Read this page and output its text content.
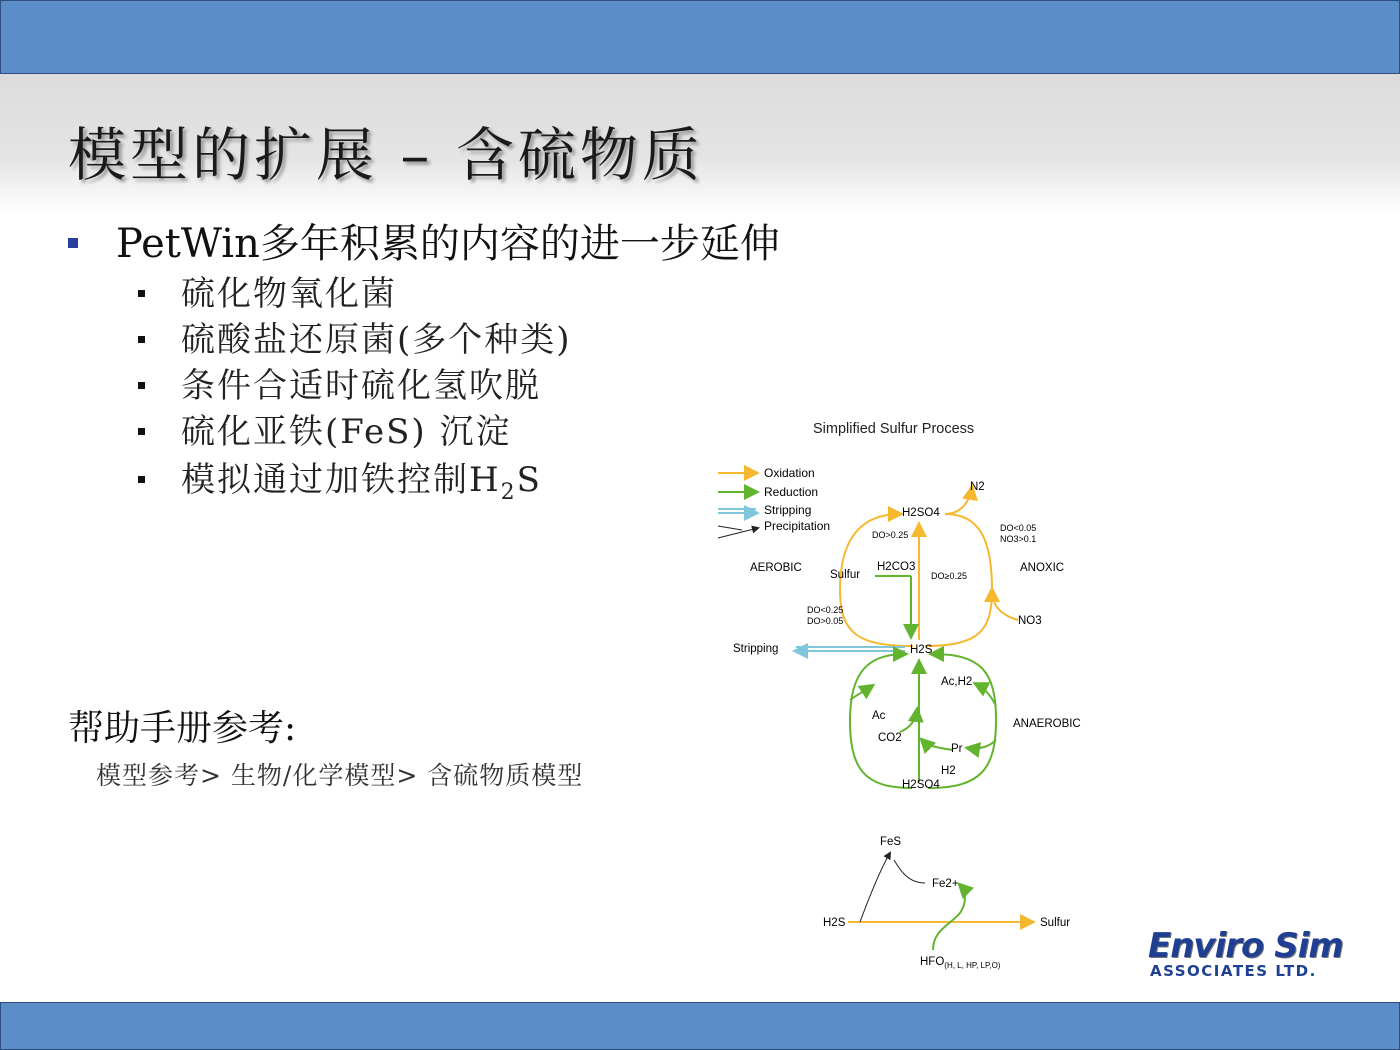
模型的扩展 – 含硫物质
PetWin多年积累的内容的进一步延伸
硫化物氧化菌
硫酸盐还原菌(多个种类)
条件合适时硫化氢吹脱
硫化亚铁(FeS) 沉淀
模拟通过加铁控制$H_2S$
帮助手册参考:
模型参考> 生物/化学模型> 含硫物质模型
Simplified Sulfur Process
Oxidation
Reduction
Stripping
Precipitation
H2SO4
N2
DO<0.05
NO3>0.1
DO>0.25
AEROBIC	ANOXIC
Sulfur
H2CO3
DO≥0.25
DO<0.25
DO>0.05	NO3
Stripping	H2S
Ac,H2
ANAEROBIC
Ac
CO2
Pr
H2
H2SO4
FeS
Fe2+
H2S	Sulfur
$HFO_{(H, L, HP, LP,O)}$	Enviro Sim
ASSOCIATES LTD.
